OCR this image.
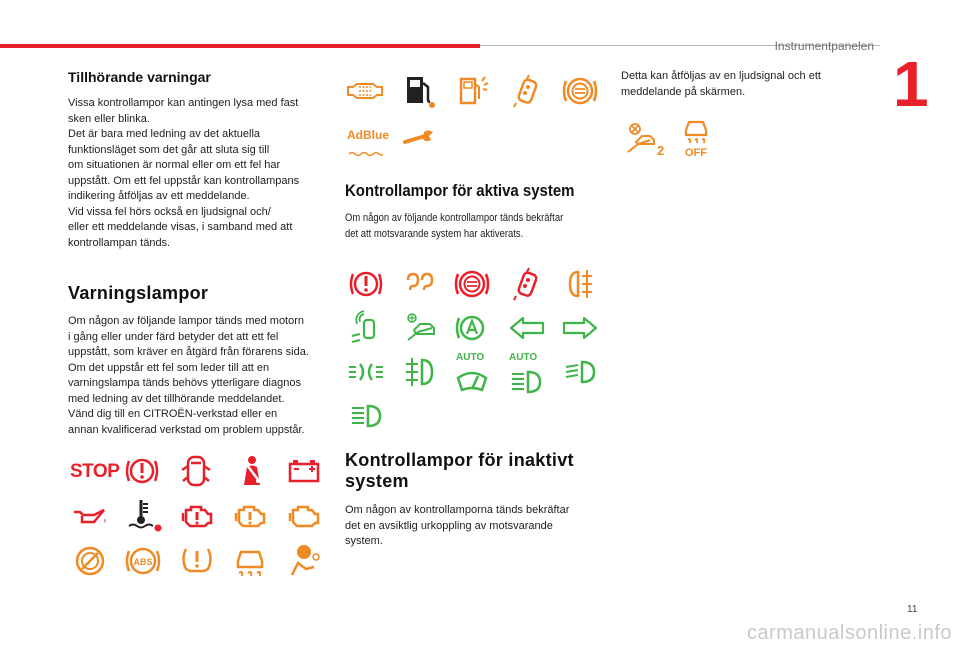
Instrumentpanelen
1
Tillhörande varningar
Vissa kontrollampor kan antingen lysa med fast
sken eller blinka.
Det är bara med ledning av det aktuella
funktionsläget som det går att sluta sig till
om situationen är normal eller om ett fel har
uppstått. Om ett fel uppstår kan kontrollampans
indikering åtföljas av ett meddelande.
Vid vissa fel hörs också en ljudsignal och/
eller ett meddelande visas, i samband med att
kontrollampan tänds.
Varningslampor
Om någon av följande lampor tänds med motorn
i gång eller under färd betyder det att ett fel
uppstått, som kräver en åtgärd från förarens sida.
Om det uppstår ett fel som leder till att en
varningslampa tänds behövs ytterligare diagnos
med ledning av det tillhörande meddelandet.
Vänd dig till en CITROËN-verkstad eller en
annan kvalificerad verkstad om problem uppstår.
STOP
ABS
AdBlue
Kontrollampor för aktiva system
Om någon av följande kontrollampor tänds bekräftar
det att motsvarande system har aktiverats.
AUTO AUTO
Kontrollampor för inaktivt
system
Om någon av kontrollamporna tänds bekräftar
det en avsiktlig urkoppling av motsvarande
system.
Detta kan åtföljas av en ljudsignal och ett
meddelande på skärmen.
2 OFF
11
carmanualsonline.info
